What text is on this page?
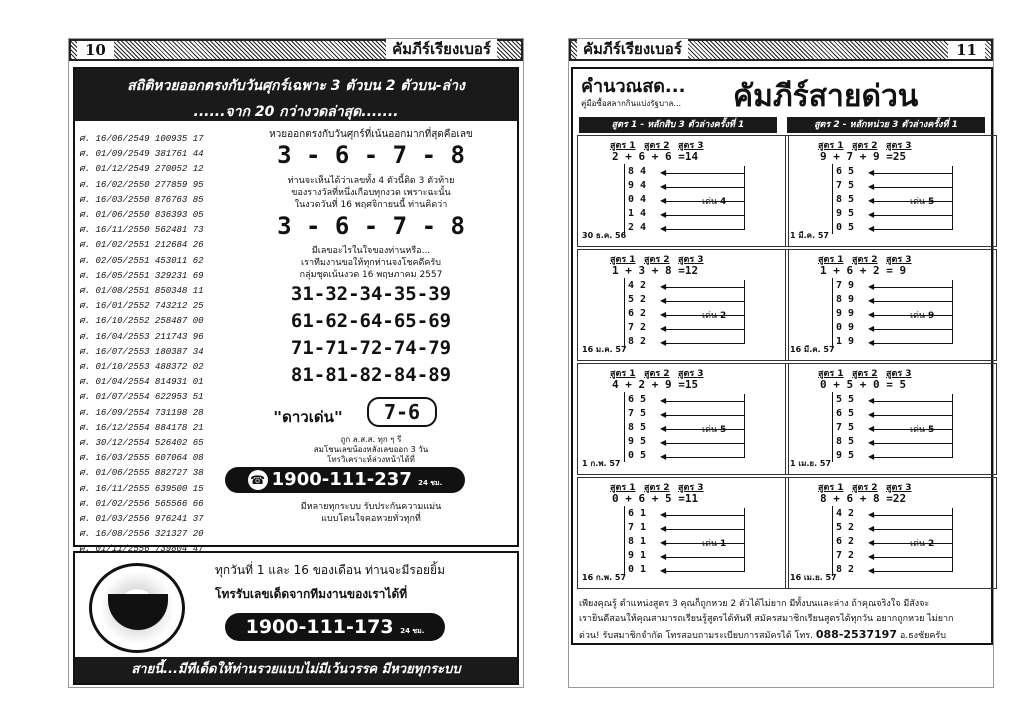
10	คัมภีร์เรียงเบอร์
สถิติหวยออกตรงกับวันศุกร์เฉพาะ 3 ตัวบน 2 ตัวบน-ล่าง
......จาก 20 กว่างวดล่าสุด.......
ศ. 16/06/2549 100935 17
ศ. 01/09/2549 381761 44
ศ. 01/12/2549 270052 12
ศ. 16/02/2550 277859 95
ศ. 16/03/2550 876763 85
ศ. 01/06/2550 836393 05
ศ. 16/11/2550 562481 73
ศ. 01/02/2551 212684 26
ศ. 02/05/2551 453011 62
ศ. 16/05/2551 329231 69
ศ. 01/08/2551 850348 11
ศ. 16/01/2552 743212 25
ศ. 16/10/2552 258487 00
ศ. 16/04/2553 211743 96
ศ. 16/07/2553 180387 34
ศ. 01/10/2553 488372 02
ศ. 01/04/2554 814931 01
ศ. 01/07/2554 622953 51
ศ. 16/09/2554 731198 28
ศ. 16/12/2554 884178 21
ศ. 30/12/2554 526402 65
ศ. 16/03/2555 607064 08
ศ. 01/06/2555 882727 38
ศ. 16/11/2555 639500 15
ศ. 01/02/2556 565566 66
ศ. 01/03/2556 976241 37
ศ. 16/08/2556 321327 20
ศ. 01/11/2556 739804 47
หวยออกตรงกับวันศุกร์ที่เน้นออกมากที่สุดคือเลข
3 - 6 - 7 - 8
ท่านจะเห็นได้ว่าเลขทั้ง 4 ตัวนี้ติด 3 ตัวท้าย
ของรางวัลที่หนึ่งเกือบทุกงวด เพราะฉะนั้น
ในงวดวันที่ 16 พฤศจิกายนนี้ ท่านคิดว่า
3 - 6 - 7 - 8
มีเลขอะไรในใจของท่านหรือ...
เราทีมงานขอให้ทุกท่านจงโชคดีครับ
กลุ่มชุดเน้นงวด 16 พฤษภาคม 2557
31-32-34-35-39
61-62-64-65-69
71-71-72-74-79
81-81-82-84-89
"ดาวเด่น"	7-6
ถูก ล.ส.ส. ทุก ๆ รี
สมโชนเลขน้องหลังเลขออก 3 วัน
โทรวิเคราะห์ล่วงหน้าได้ที่
☎ 1900-111-237 24 ชม.
มีหลายทุกระบบ รับประกันความแม่น
แบบโดนใจคอหวยทั่วทุกที่
ทุกวันที่ 1 และ 16 ของเดือน ท่านจะมีรอยยิ้ม
โทรรับเลขเด็ดจากทีมงานของเราได้ที่
1900-111-173 24 ชม.
สายนี้...มีทีเด็ดให้ท่านรวยแบบไม่มีเว้นวรรค มีหวยทุกระบบ
คัมภีร์เรียงเบอร์	11
คำนวณสด...
คู่มือซื้อสลากกินแบ่งรัฐบาล... คัมภีร์สายด่วน
สูตร 1 - หลักสิบ 3 ตัวล่างครั้งที่ 1	สูตร 2 - หลักหน่วย 3 ตัวล่างครั้งที่ 1
สูตร 1 สูตร 2 สูตร 3
2 + 6 + 6 =14
8 4 ◀
9 4 ◀
0 4 ◀
1 4 ◀
2 4 ◀
เด่น 4
30 ธ.ค. 56
สูตร 1 สูตร 2 สูตร 3
9 + 7 + 9 =25
6 5 ◀
7 5 ◀
8 5 ◀
9 5 ◀
0 5 ◀
เด่น 5
1 มี.ค. 57
สูตร 1 สูตร 2 สูตร 3
1 + 3 + 8 =12
4 2 ◀
5 2 ◀
6 2 ◀
7 2 ◀
8 2 ◀
เด่น 2
16 ม.ค. 57
สูตร 1 สูตร 2 สูตร 3
1 + 6 + 2 = 9
7 9 ◀
8 9 ◀
9 9 ◀
0 9 ◀
1 9 ◀
เด่น 9
16 มี.ค. 57
สูตร 1 สูตร 2 สูตร 3
4 + 2 + 9 =15
6 5 ◀
7 5 ◀
8 5 ◀
9 5 ◀
0 5 ◀
เด่น 5
1 ก.พ. 57
สูตร 1 สูตร 2 สูตร 3
0 + 5 + 0 = 5
5 5 ◀
6 5 ◀
7 5 ◀
8 5 ◀
9 5 ◀
เด่น 5
1 เม.ย. 57
สูตร 1 สูตร 2 สูตร 3
0 + 6 + 5 =11
6 1 ◀
7 1 ◀
8 1 ◀
9 1 ◀
0 1 ◀
เด่น 1
16 ก.พ. 57
สูตร 1 สูตร 2 สูตร 3
8 + 6 + 8 =22
4 2 ◀
5 2 ◀
6 2 ◀
7 2 ◀
8 2 ◀
เด่น 2
16 เม.ย. 57
เพียงคุณรู้ ตำแหน่งสูตร 3 คุณก็ถูกหวย 2 ตัวได้ไม่ยาก มีทั้งบนและล่าง ถ้าคุณจริงใจ มีสังจะ
เรายินดีสอนให้คุณสามารถเรียนรู้สูตรได้ทันที สมัครสมาชิกเรียนสูตรได้ทุกวัน อยากถูกหวย ไม่ยาก
ด่วน! รับสมาชิกจำกัด โทรสอบถามระเบียบการสมัครได้ โทร. 088-2537197 อ.ธงชัยครับ
